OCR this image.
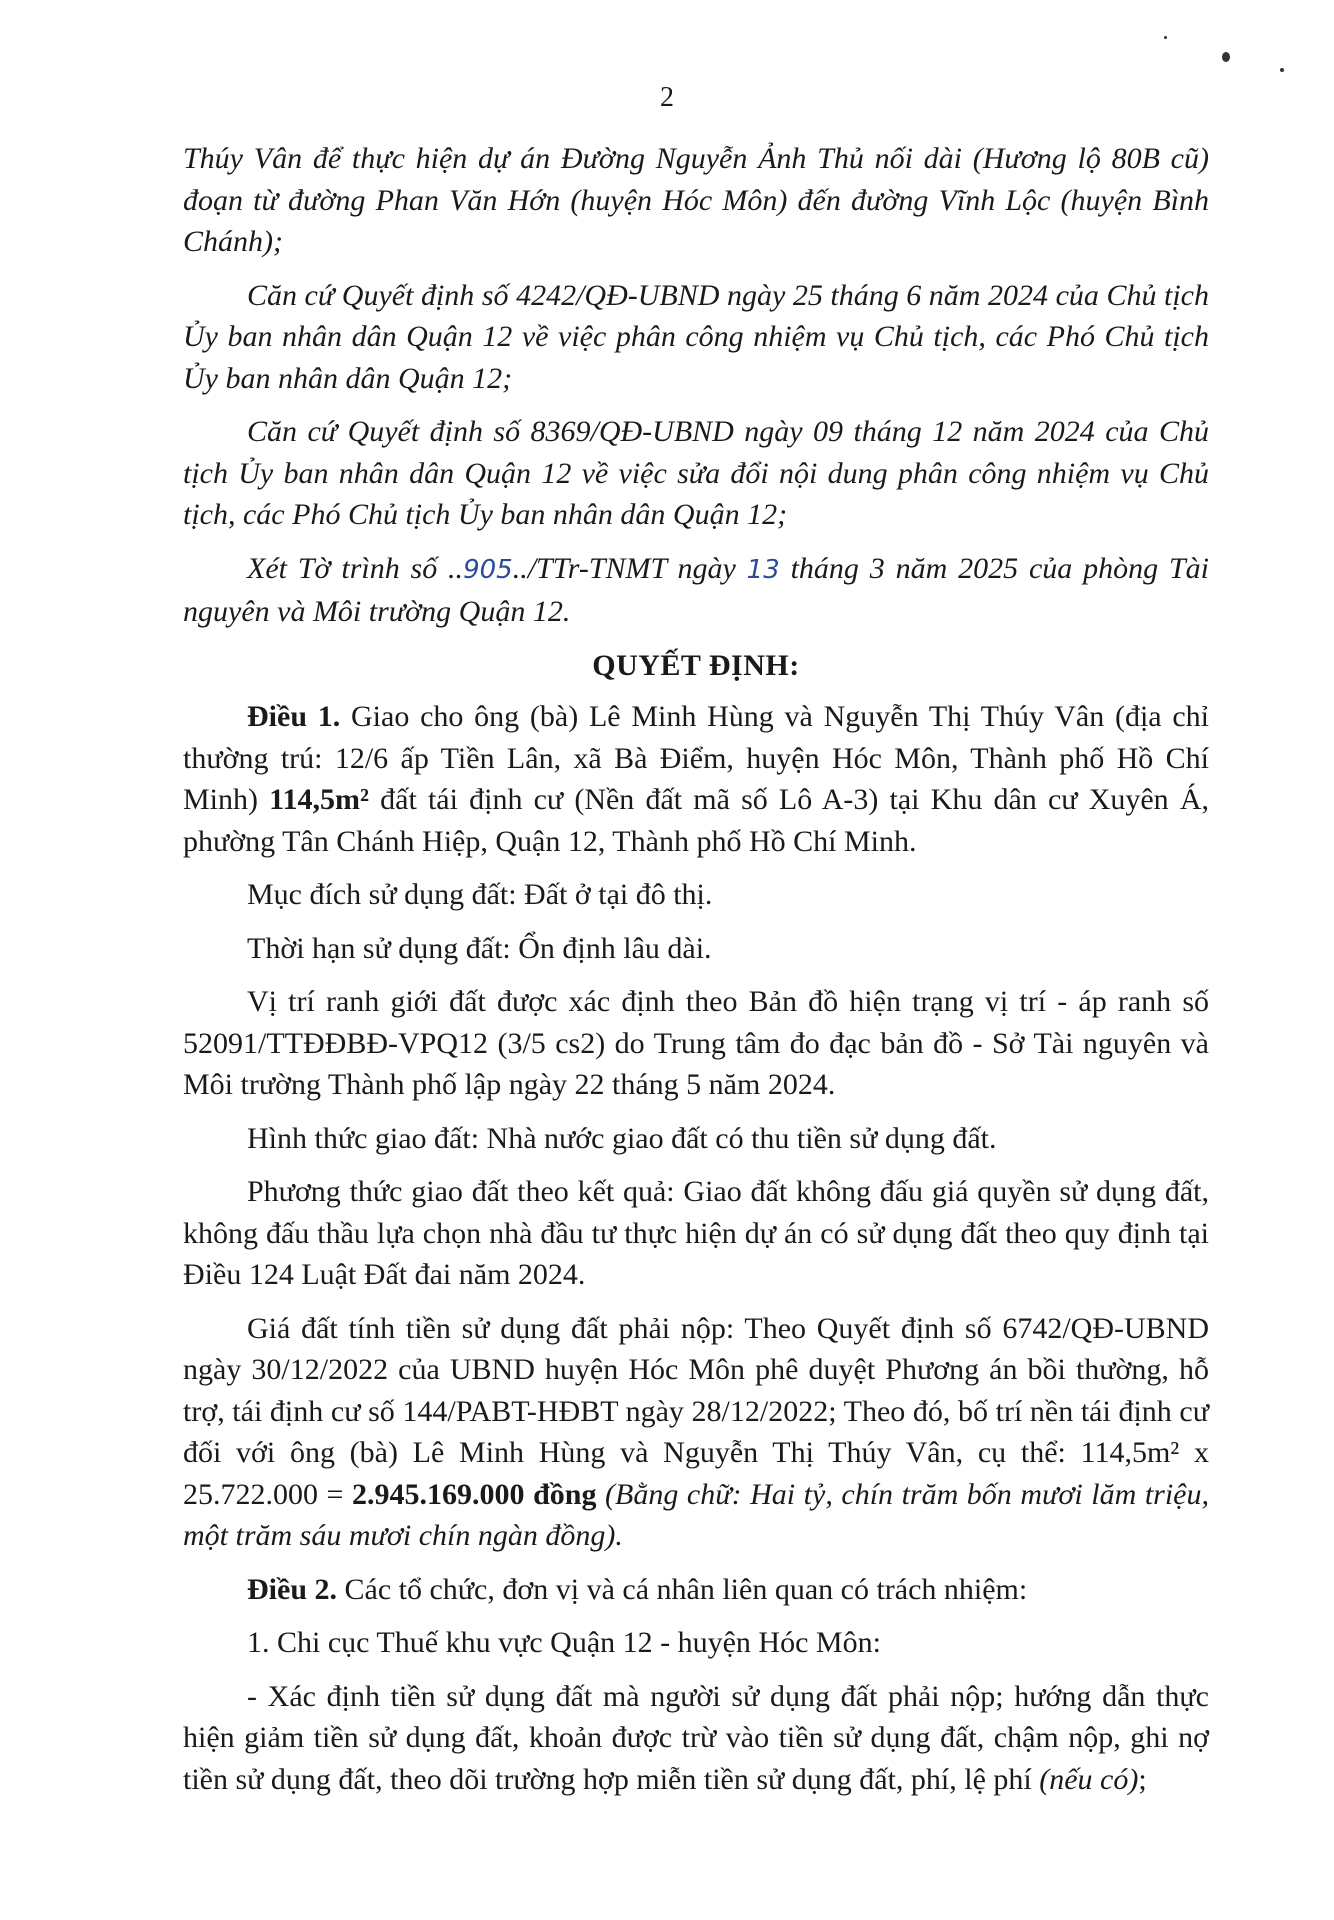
2

Thúy Vân để thực hiện dự án Đường Nguyễn Ảnh Thủ nối dài (Hương lộ 80B cũ) đoạn từ đường Phan Văn Hớn (huyện Hóc Môn) đến đường Vĩnh Lộc (huyện Bình Chánh);

Căn cứ Quyết định số 4242/QĐ-UBND ngày 25 tháng 6 năm 2024 của Chủ tịch Ủy ban nhân dân Quận 12 về việc phân công nhiệm vụ Chủ tịch, các Phó Chủ tịch Ủy ban nhân dân Quận 12;

Căn cứ Quyết định số 8369/QĐ-UBND ngày 09 tháng 12 năm 2024 của Chủ tịch Ủy ban nhân dân Quận 12 về việc sửa đổi nội dung phân công nhiệm vụ Chủ tịch, các Phó Chủ tịch Ủy ban nhân dân Quận 12;

Xét Tờ trình số ..905../TTr-TNMT ngày 13 tháng 3 năm 2025 của phòng Tài nguyên và Môi trường Quận 12.

QUYẾT ĐỊNH:

Điều 1. Giao cho ông (bà) Lê Minh Hùng và Nguyễn Thị Thúy Vân (địa chỉ thường trú: 12/6 ấp Tiền Lân, xã Bà Điểm, huyện Hóc Môn, Thành phố Hồ Chí Minh) 114,5m² đất tái định cư (Nền đất mã số Lô A-3) tại Khu dân cư Xuyên Á, phường Tân Chánh Hiệp, Quận 12, Thành phố Hồ Chí Minh.

Mục đích sử dụng đất: Đất ở tại đô thị.

Thời hạn sử dụng đất: Ổn định lâu dài.

Vị trí ranh giới đất được xác định theo Bản đồ hiện trạng vị trí - áp ranh số 52091/TTĐĐBĐ-VPQ12 (3/5 cs2) do Trung tâm đo đạc bản đồ - Sở Tài nguyên và Môi trường Thành phố lập ngày 22 tháng 5 năm 2024.

Hình thức giao đất: Nhà nước giao đất có thu tiền sử dụng đất.

Phương thức giao đất theo kết quả: Giao đất không đấu giá quyền sử dụng đất, không đấu thầu lựa chọn nhà đầu tư thực hiện dự án có sử dụng đất theo quy định tại Điều 124 Luật Đất đai năm 2024.

Giá đất tính tiền sử dụng đất phải nộp: Theo Quyết định số 6742/QĐ-UBND ngày 30/12/2022 của UBND huyện Hóc Môn phê duyệt Phương án bồi thường, hỗ trợ, tái định cư số 144/PABT-HĐBT ngày 28/12/2022; Theo đó, bố trí nền tái định cư đối với ông (bà) Lê Minh Hùng và Nguyễn Thị Thúy Vân, cụ thể: 114,5m² x 25.722.000 = 2.945.169.000 đồng (Bằng chữ: Hai tỷ, chín trăm bốn mươi lăm triệu, một trăm sáu mươi chín ngàn đồng).

Điều 2. Các tổ chức, đơn vị và cá nhân liên quan có trách nhiệm:

1. Chi cục Thuế khu vực Quận 12 - huyện Hóc Môn:

- Xác định tiền sử dụng đất mà người sử dụng đất phải nộp; hướng dẫn thực hiện giảm tiền sử dụng đất, khoản được trừ vào tiền sử dụng đất, chậm nộp, ghi nợ tiền sử dụng đất, theo dõi trường hợp miễn tiền sử dụng đất, phí, lệ phí (nếu có);
